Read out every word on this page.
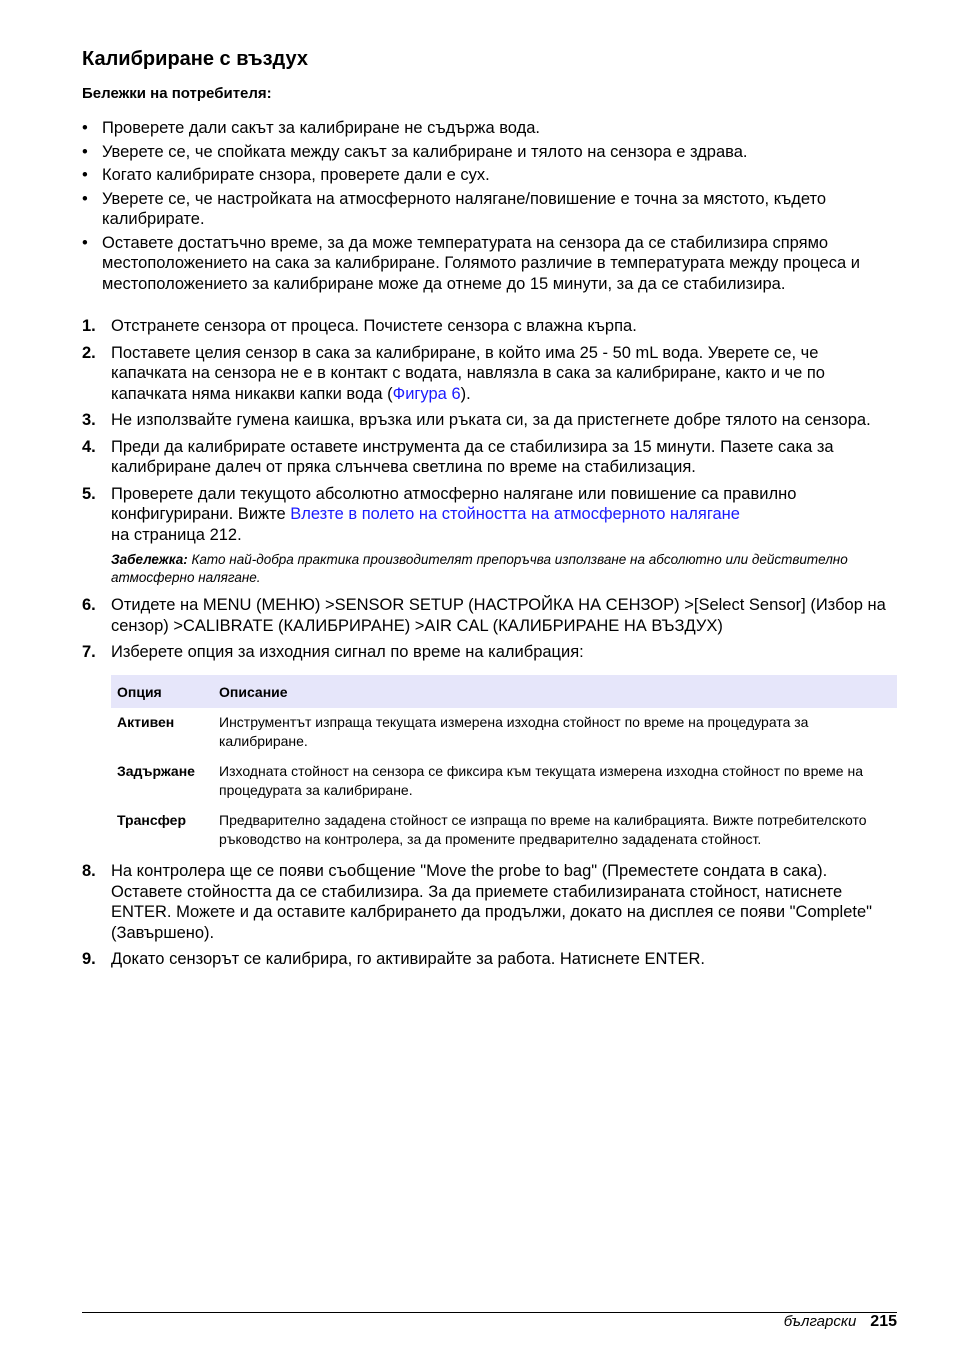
Калибриране с въздух
Бележки на потребителя:
• Проверете дали сакът за калибриране не съдържа вода.
• Уверете се, че спойката между сакът за калибриране и тялото на сензора е здрава.
• Когато калибрирате снзора, проверете дали е сух.
• Уверете се, че настройката на атмосферното налягане/повишение е точна за мястото, където калибрирате.
• Оставете достатъчно време, за да може температурата на сензора да се стабилизира спрямо местоположението на сака за калибриране. Голямото различие в температурата между процеса и местоположението за калибриране може да отнеме до 15 минути, за да се стабилизира.
1. Отстранете сензора от процеса. Почистете сензора с влажна кърпа.
2. Поставете целия сензор в сака за калибриране, в който има 25 - 50 mL вода. Уверете се, че капачката на сензора не е в контакт с водата, навлязла в сака за калибриране, както и че по капачката няма никакви капки вода (Фигура 6).
3. Не използвайте гумена каишка, връзка или ръката си, за да пристегнете добре тялото на сензора.
4. Преди да калибрирате оставете инструмента да се стабилизира за 15 минути. Пазете сака за калибриране далеч от пряка слънчева светлина по време на стабилизация.
5. Проверете дали текущото абсолютно атмосферно налягане или повишение са правилно конфигурирани. Вижте Влезте в полето на стойността на атмосферното налягане
на страница 212.
Забележка: Като най-добра практика производителят препоръчва използване на абсолютно или действително атмосферно налягане.
6. Отидете на MENU (МЕНЮ) >SENSOR SETUP (НАСТРОЙКА НА СЕНЗОР) >[Select Sensor] (Избор на сензор) >CALIBRATE (КАЛИБРИРАНЕ) >AIR CAL (КАЛИБРИРАНЕ НА ВЪЗДУХ)
7. Изберете опция за изходния сигнал по време на калибрация:
Опция	Описание
Активен	Инструментът изпраща текущата измерена изходна стойност по време на процедурата за калибриране.
Задържане	Изходната стойност на сензора се фиксира към текущата измерена изходна стойност по време на процедурата за калибриране.
Трансфер	Предварително зададена стойност се изпраща по време на калибрацията. Вижте потребителското ръководство на контролера, за да промените предварително зададената стойност.
8. На контролера ще се появи съобщение "Move the probe to bag" (Преместете сондата в сака). Оставете стойността да се стабилизира. За да приемете стабилизираната стойност, натиснете ENTER. Можете и да оставите калбрирането да продължи, докато на дисплея се появи "Complete" (Завършено).
9. Докато сензорът се калибрира, го активирайте за работа. Натиснете ENTER.
български 215
